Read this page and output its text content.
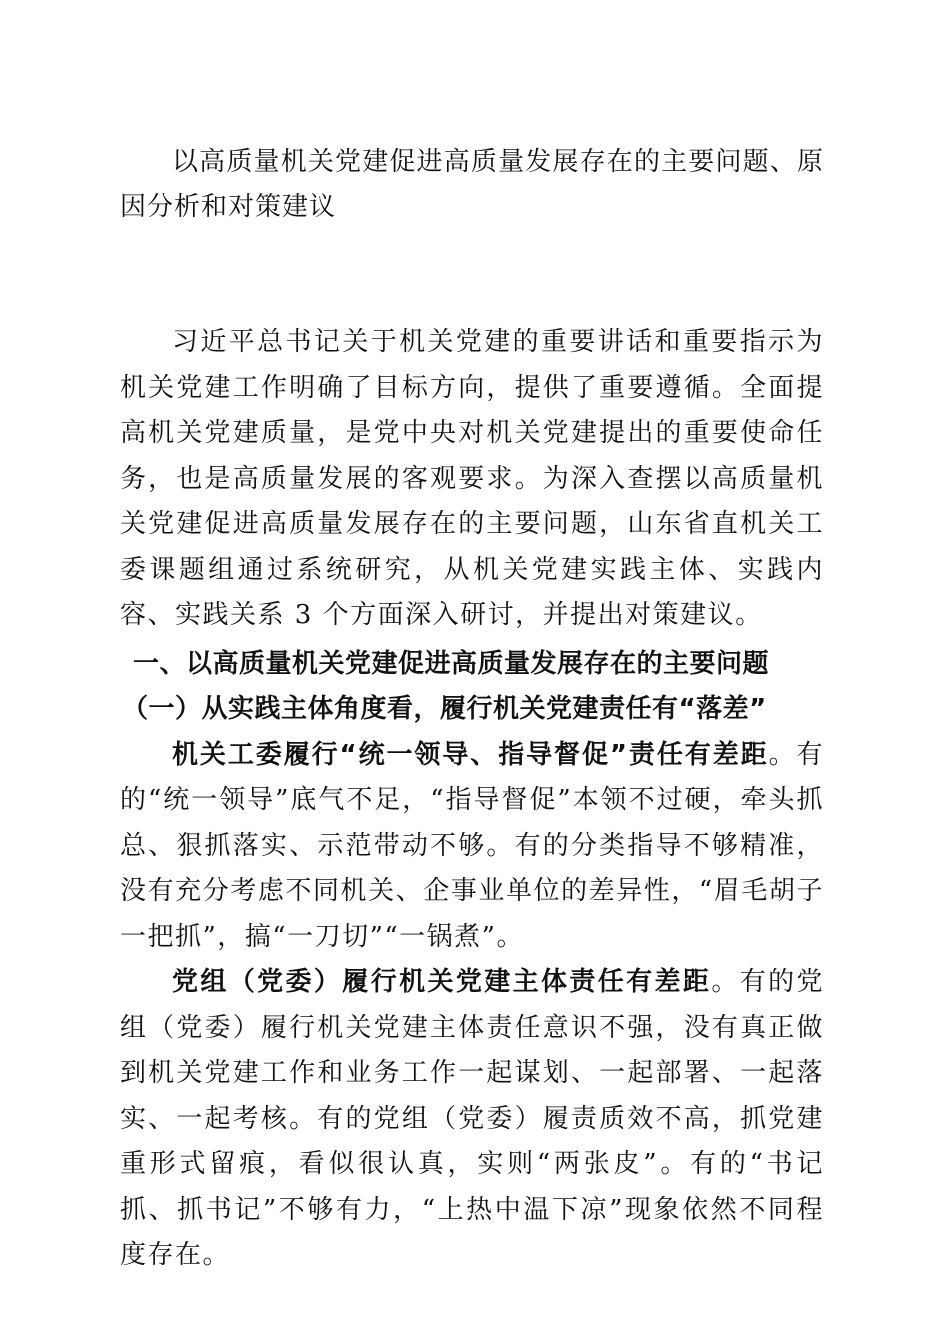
以高质量机关党建促进高质量发展存在的主要问题、原因分析和对策建议

习近平总书记关于机关党建的重要讲话和重要指示为机关党建工作明确了目标方向，提供了重要遵循。全面提高机关党建质量，是党中央对机关党建提出的重要使命任务，也是高质量发展的客观要求。为深入查摆以高质量机关党建促进高质量发展存在的主要问题，山东省直机关工委课题组通过系统研究，从机关党建实践主体、实践内容、实践关系 3 个方面深入研讨，并提出对策建议。

一、以高质量机关党建促进高质量发展存在的主要问题
（一）从实践主体角度看，履行机关党建责任有“落差”

机关工委履行“统一领导、指导督促”责任有差距。有的“统一领导”底气不足，“指导督促”本领不过硬，牵头抓总、狠抓落实、示范带动不够。有的分类指导不够精准，没有充分考虑不同机关、企事业单位的差异性，“眉毛胡子一把抓”，搞“一刀切”“一锅煮”。

党组（党委）履行机关党建主体责任有差距。有的党组（党委）履行机关党建主体责任意识不强，没有真正做到机关党建工作和业务工作一起谋划、一起部署、一起落实、一起考核。有的党组（党委）履责质效不高，抓党建重形式留痕，看似很认真，实则“两张皮”。有的“书记抓、抓书记”不够有力，“上热中温下凉”现象依然不同程度存在。
